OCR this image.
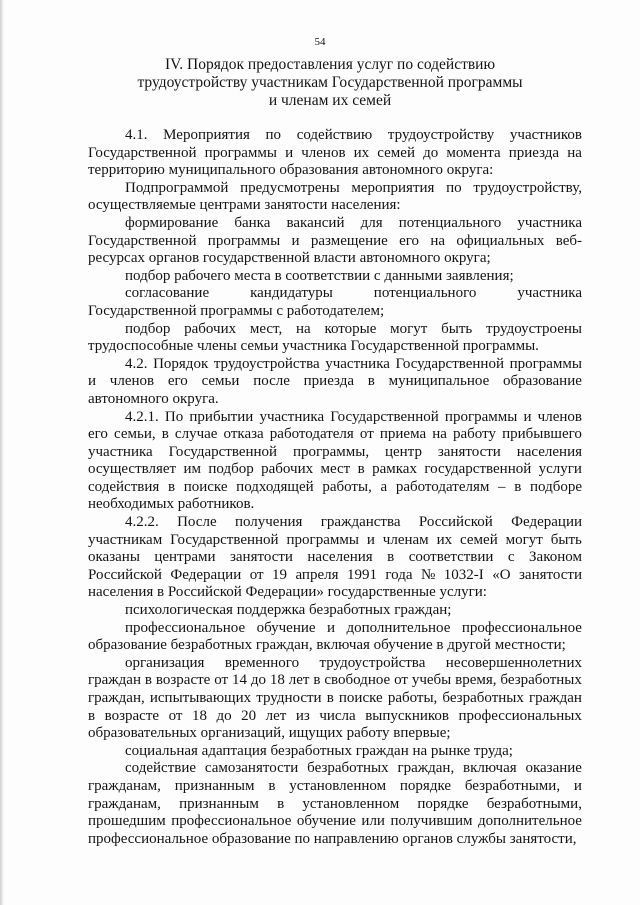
54
IV. Порядок предоставления услуг по содействию
трудоустройству участникам Государственной программы
и членам их семей
4.1. Мероприятия по содействию трудоустройству участников
Государственной программы и членов их семей до момента приезда на
территорию муниципального образования автономного округа:
Подпрограммой предусмотрены мероприятия по трудоустройству,
осуществляемые центрами занятости населения:
формирование банка вакансий для потенциального участника
Государственной программы и размещение его на официальных веб-
ресурсах органов государственной власти автономного округа;
подбор рабочего места в соответствии с данными заявления;
согласование	кандидатуры	потенциального	участника
Государственной программы с работодателем;
подбор рабочих мест, на которые могут быть трудоустроены
трудоспособные члены семьи участника Государственной программы.
4.2. Порядок трудоустройства участника Государственной программы
и членов его семьи после приезда в муниципальное образование
автономного округа.
4.2.1. По прибытии участника Государственной программы и членов
его семьи, в случае отказа работодателя от приема на работу прибывшего
участника Государственной программы, центр занятости населения
осуществляет им подбор рабочих мест в рамках государственной услуги
содействия в поиске подходящей работы, а работодателям – в подборе
необходимых работников.
4.2.2. После получения гражданства Российской Федерации
участникам Государственной программы и членам их семей могут быть
оказаны центрами занятости населения в соответствии с Законом
Российской Федерации от 19 апреля 1991 года № 1032-I «О занятости
населения в Российской Федерации» государственные услуги:
психологическая поддержка безработных граждан;
профессиональное обучение и дополнительное профессиональное
образование безработных граждан, включая обучение в другой местности;
организация временного трудоустройства несовершеннолетних
граждан в возрасте от 14 до 18 лет в свободное от учебы время, безработных
граждан, испытывающих трудности в поиске работы, безработных граждан
в возрасте от 18 до 20 лет из числа выпускников профессиональных
образовательных организаций, ищущих работу впервые;
социальная адаптация безработных граждан на рынке труда;
содействие самозанятости безработных граждан, включая оказание
гражданам, признанным в установленном порядке безработными, и
гражданам, признанным в установленном порядке безработными,
прошедшим профессиональное обучение или получившим дополнительное
профессиональное образование по направлению органов службы занятости,
